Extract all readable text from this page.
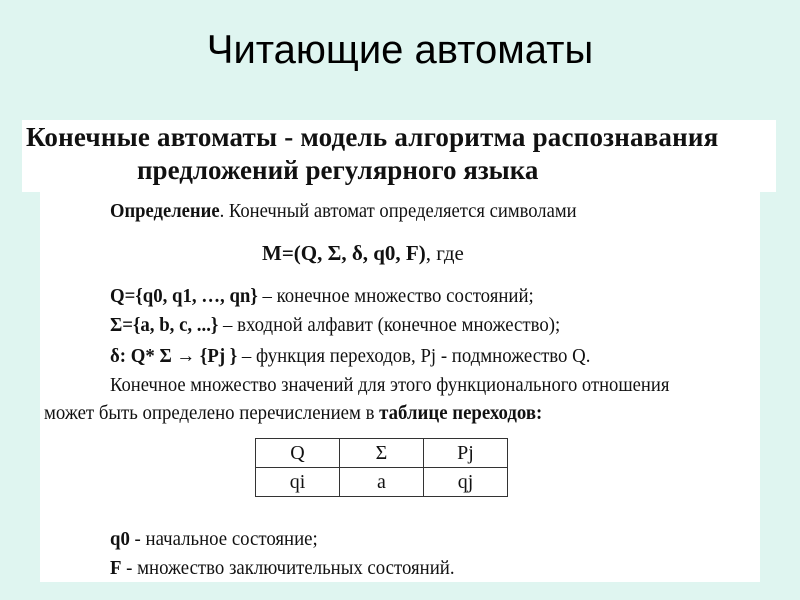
Читающие автоматы
Конечные автоматы - модель алгоритма распознавания
предложений регулярного языка
Определение. Конечный автомат определяется символами
M=(Q, Σ, δ, q0, F), где
Q={q0, q1, …, qn} – конечное множество состояний;
Σ={a, b, c, ...} – входной алфавит (конечное множество);
δ: Q* Σ → {Pj } – функция переходов, Pj - подмножество Q.
Конечное множество значений для этого функционального отношения
может быть определено перечислением в таблице переходов:
Q	Σ	Pj
qi	a	qj
q0 - начальное состояние;
F - множество заключительных состояний.
